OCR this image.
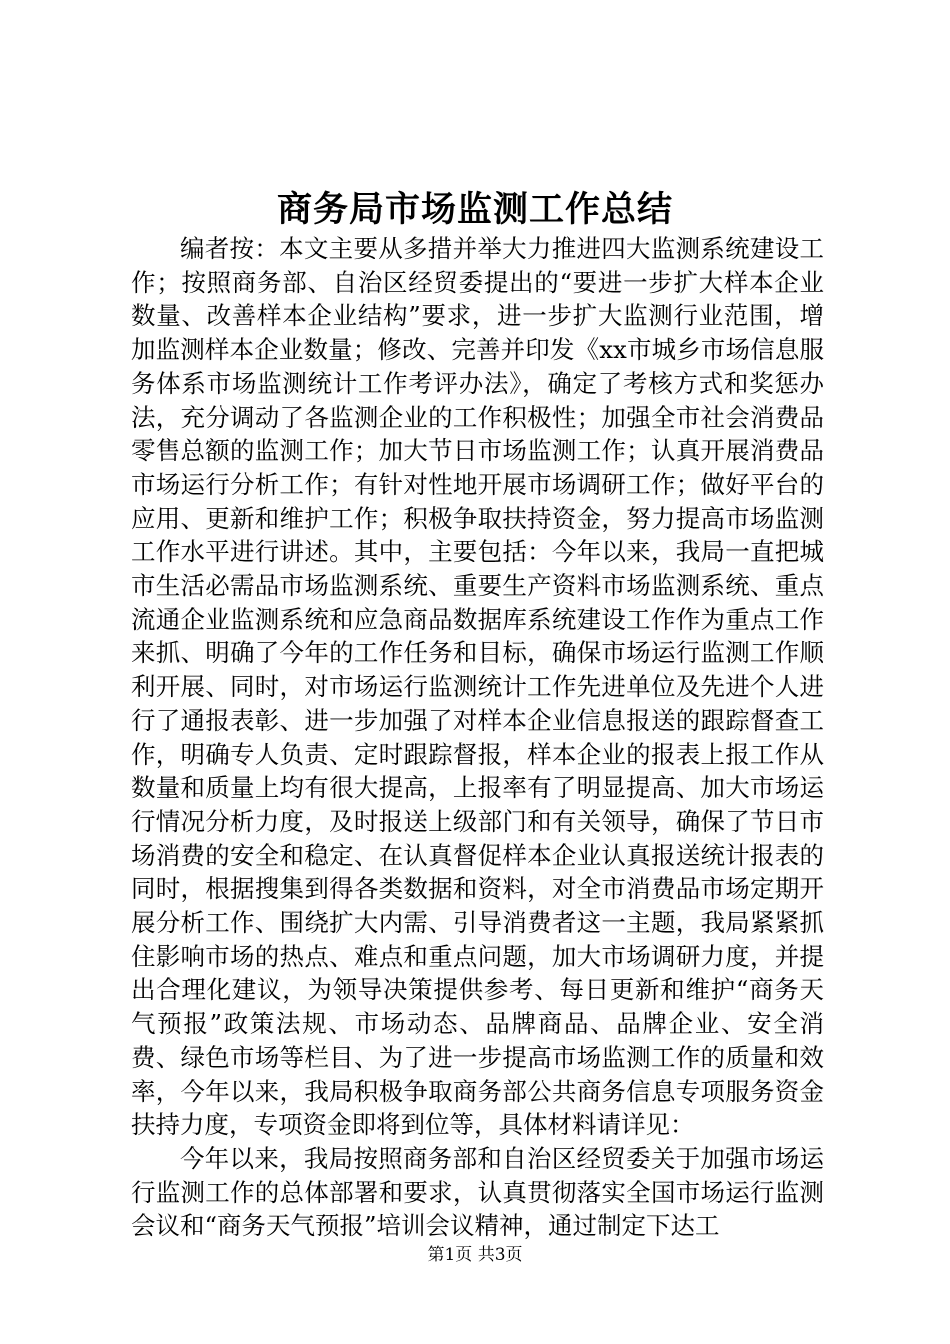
商务局市场监测工作总结

编者按：本文主要从多措并举大力推进四大监测系统建设工作；按照商务部、自治区经贸委提出的“要进一步扩大样本企业数量、改善样本企业结构”要求，进一步扩大监测行业范围，增加监测样本企业数量；修改、完善并印发《xx市城乡市场信息服务体系市场监测统计工作考评办法》，确定了考核方式和奖惩办法，充分调动了各监测企业的工作积极性；加强全市社会消费品零售总额的监测工作；加大节日市场监测工作；认真开展消费品市场运行分析工作；有针对性地开展市场调研工作；做好平台的应用、更新和维护工作；积极争取扶持资金，努力提高市场监测工作水平进行讲述。其中，主要包括：今年以来，我局一直把城市生活必需品市场监测系统、重要生产资料市场监测系统、重点流通企业监测系统和应急商品数据库系统建设工作作为重点工作来抓、明确了今年的工作任务和目标，确保市场运行监测工作顺利开展、同时，对市场运行监测统计工作先进单位及先进个人进行了通报表彰、进一步加强了对样本企业信息报送的跟踪督查工作，明确专人负责、定时跟踪督报，样本企业的报表上报工作从数量和质量上均有很大提高，上报率有了明显提高、加大市场运行情况分析力度，及时报送上级部门和有关领导，确保了节日市场消费的安全和稳定、在认真督促样本企业认真报送统计报表的同时，根据搜集到得各类数据和资料，对全市消费品市场定期开展分析工作、围绕扩大内需、引导消费者这一主题，我局紧紧抓住影响市场的热点、难点和重点问题，加大市场调研力度，并提出合理化建议，为领导决策提供参考、每日更新和维护“商务天气预报”政策法规、市场动态、品牌商品、品牌企业、安全消费、绿色市场等栏目、为了进一步提高市场监测工作的质量和效率，今年以来，我局积极争取商务部公共商务信息专项服务资金扶持力度，专项资金即将到位等，具体材料请详见：

今年以来，我局按照商务部和自治区经贸委关于加强市场运行监测工作的总体部署和要求，认真贯彻落实全国市场运行监测会议和“商务天气预报”培训会议精神，通过制定下达工

第1页 共3页
